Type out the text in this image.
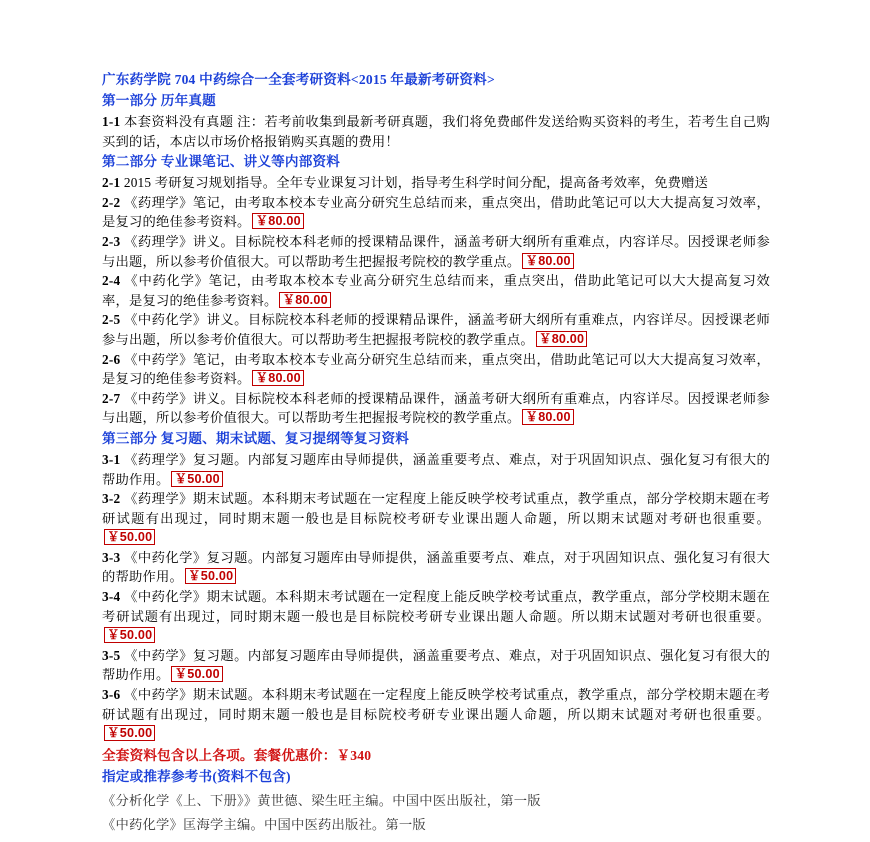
广东药学院 704 中药综合一全套考研资料<2015 年最新考研资料>
第一部分 历年真题
1-1 本套资料没有真题 注：若考前收集到最新考研真题，我们将免费邮件发送给购买资料的考生，若考生自己购买到的话，本店以市场价格报销购买真题的费用！
第二部分 专业课笔记、讲义等内部资料
2-1 2015 考研复习规划指导。全年专业课复习计划，指导考生科学时间分配，提高备考效率，免费赠送
2-2 《药理学》笔记，由考取本校本专业高分研究生总结而来，重点突出，借助此笔记可以大大提高复习效率，是复习的绝佳参考资料。 ￥80.00
2-3 《药理学》讲义。目标院校本科老师的授课精品课件，涵盖考研大纲所有重难点，内容详尽。因授课老师参与出题，所以参考价值很大。可以帮助考生把握报考院校的教学重点。 ￥80.00
2-4 《中药化学》笔记，由考取本校本专业高分研究生总结而来，重点突出，借助此笔记可以大大提高复习效率，是复习的绝佳参考资料。 ￥80.00
2-5 《中药化学》讲义。目标院校本科老师的授课精品课件，涵盖考研大纲所有重难点，内容详尽。因授课老师参与出题，所以参考价值很大。可以帮助考生把握报考院校的教学重点。 ￥80.00
2-6 《中药学》笔记，由考取本校本专业高分研究生总结而来，重点突出，借助此笔记可以大大提高复习效率，是复习的绝佳参考资料。 ￥80.00
2-7 《中药学》讲义。目标院校本科老师的授课精品课件，涵盖考研大纲所有重难点，内容详尽。因授课老师参与出题，所以参考价值很大。可以帮助考生把握报考院校的教学重点。 ￥80.00
第三部分 复习题、期末试题、复习提纲等复习资料
3-1 《药理学》复习题。内部复习题库由导师提供，涵盖重要考点、难点，对于巩固知识点、强化复习有很大的帮助作用。 ￥50.00
3-2 《药理学》期末试题。本科期末考试题在一定程度上能反映学校考试重点，教学重点，部分学校期末题在考研试题有出现过，同时期末题一般也是目标院校考研专业课出题人命题，所以期末试题对考研也很重要。￥50.00
3-3 《中药化学》复习题。内部复习题库由导师提供，涵盖重要考点、难点，对于巩固知识点、强化复习有很大的帮助作用。 ￥50.00
3-4 《中药化学》期末试题。本科期末考试题在一定程度上能反映学校考试重点，教学重点，部分学校期末题在考研试题有出现过，同时期末题一般也是目标院校考研专业课出题人命题。所以期末试题对考研也很重要。￥50.00
3-5 《中药学》复习题。内部复习题库由导师提供，涵盖重要考点、难点，对于巩固知识点、强化复习有很大的帮助作用。 ￥50.00
3-6 《中药学》期末试题。本科期末考试题在一定程度上能反映学校考试重点，教学重点，部分学校期末题在考研试题有出现过，同时期末题一般也是目标院校考研专业课出题人命题，所以期末试题对考研也很重要。￥50.00
全套资料包含以上各项。套餐优惠价：￥340
指定或推荐参考书(资料不包含)
《分析化学《上、下册》》黄世德、梁生旺主编。中国中医出版社，第一版
《中药化学》匡海学主编。中国中医药出版社。第一版
